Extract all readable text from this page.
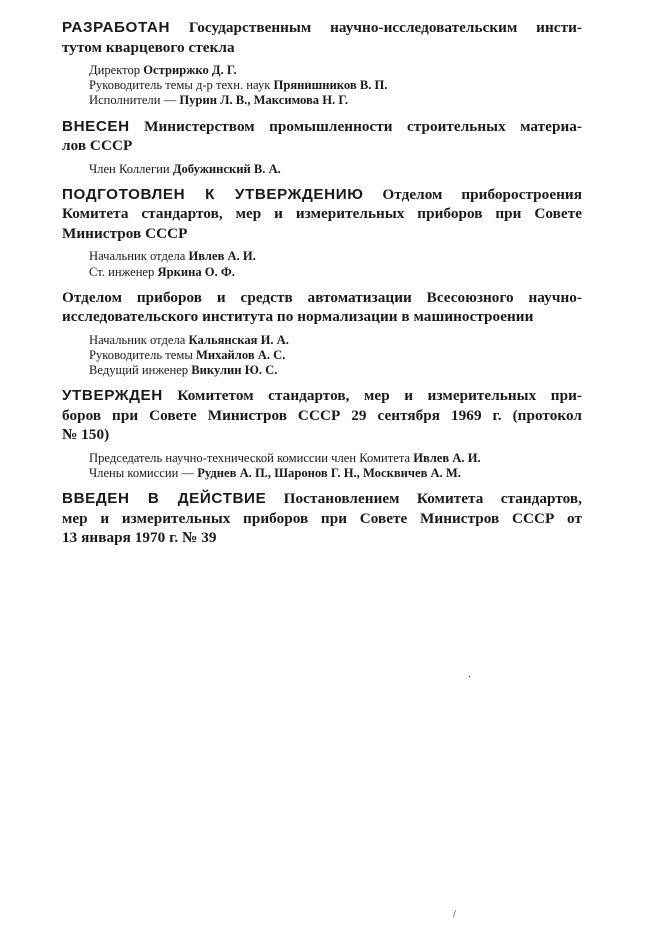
РАЗРАБОТАН Государственным научно-исследовательским инсти-
тутом кварцевого стекла
Директор Остриржко Д. Г.
Руководитель темы д-р техн. наук Прянишников В. П.
Исполнители — Пурин Л. В., Максимова Н. Г.
ВНЕСЕН Министерством промышленности строительных материа-
лов СССР
Член Коллегии Добужинский В. А.
ПОДГОТОВЛЕН К УТВЕРЖДЕНИЮ Отделом приборостроения
Комитета стандартов, мер и измерительных приборов при Совете
Министров СССР
Начальник отдела Ивлев А. И.
Ст. инженер Яркина О. Ф.
Отделом приборов и средств автоматизации Всесоюзного научно-
исследовательского института по нормализации в машиностроении
Начальник отдела Кальянская И. А.
Руководитель темы Михайлов А. С.
Ведущий инженер Викулин Ю. С.
УТВЕРЖДЕН Комитетом стандартов, мер и измерительных при-
боров при Совете Министров СССР 29 сентября 1969 г. (протокол
№ 150)
Председатель научно-технической комиссии член Комитета Ивлев А. И.
Члены комиссии — Руднев А. П., Шаронов Г. Н., Москвичев А. М.
ВВЕДЕН В ДЕЙСТВИЕ Постановлением Комитета стандартов,
мер и измерительных приборов при Совете Министров СССР от
13 января 1970 г. № 39
.
/
